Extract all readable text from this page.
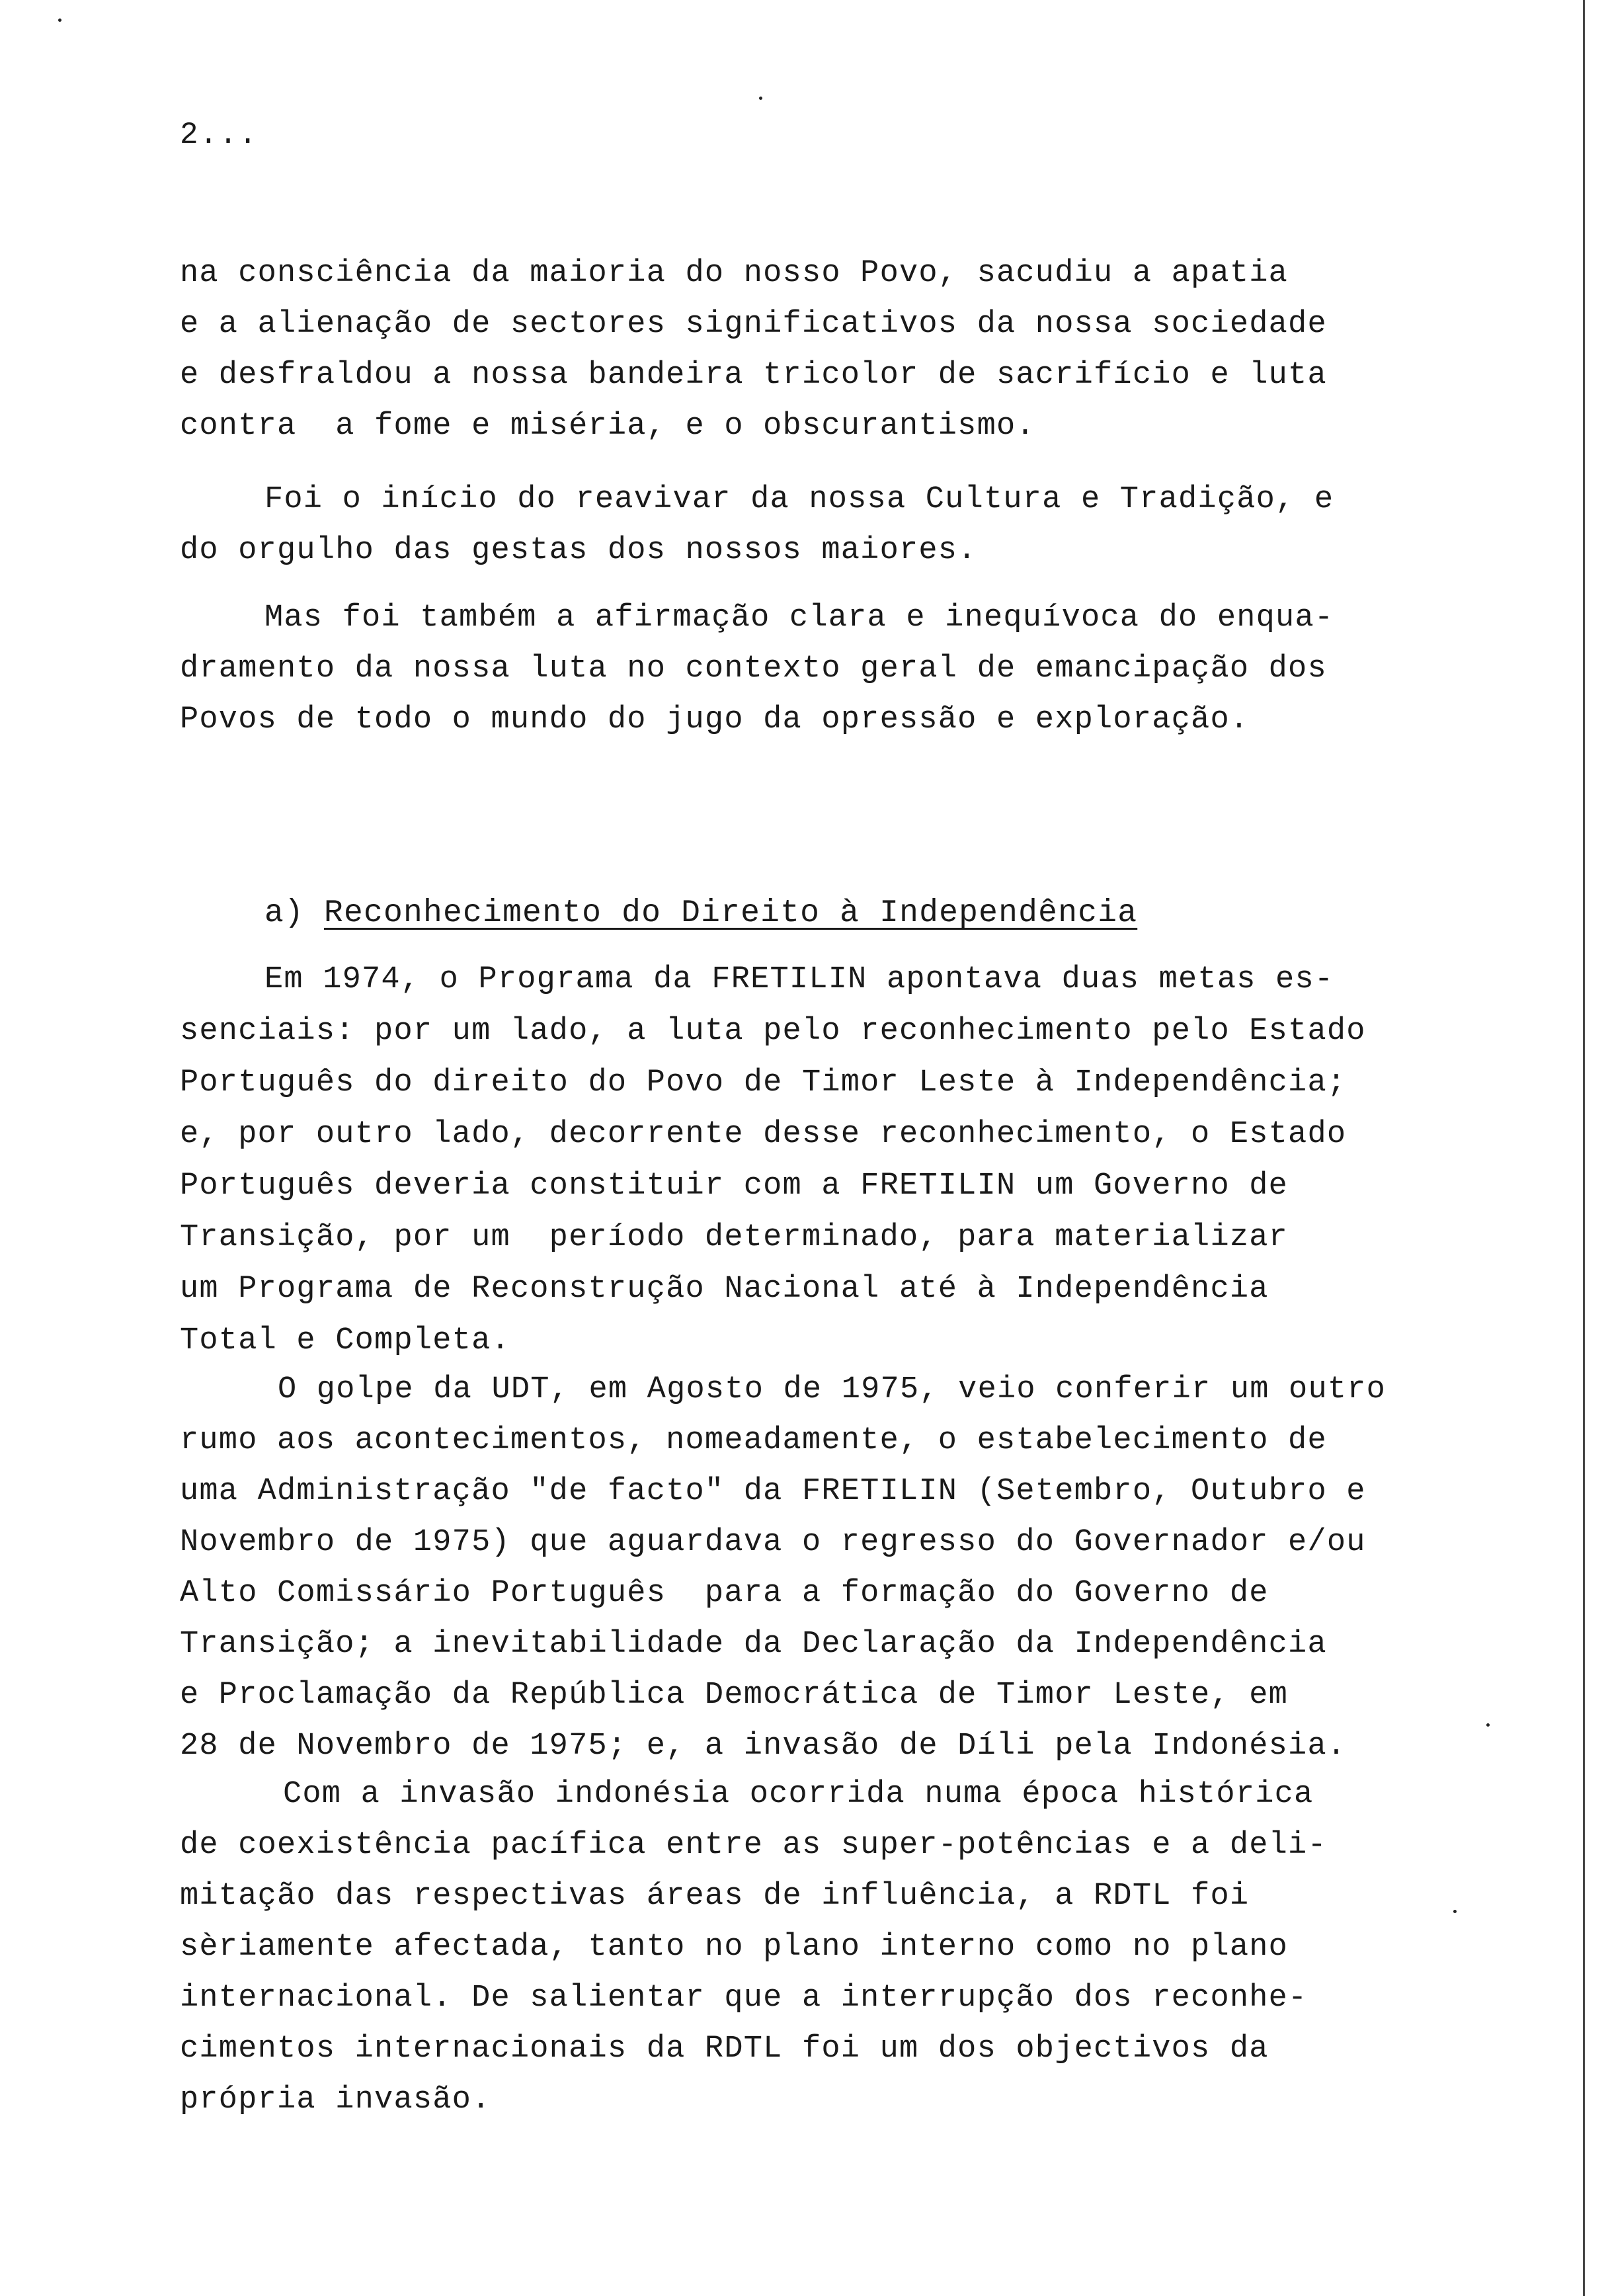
2...
na consciência da maioria do nosso Povo, sacudiu a apatia
e a alienação de sectores significativos da nossa sociedade
e desfraldou a nossa bandeira tricolor de sacrifício e luta
contra  a fome e miséria, e o obscurantismo.
Foi o início do reavivar da nossa Cultura e Tradição, e
do orgulho das gestas dos nossos maiores.
Mas foi também a afirmação clara e inequívoca do enqua-
dramento da nossa luta no contexto geral de emancipação dos
Povos de todo o mundo do jugo da opressão e exploração.
a) Reconhecimento do Direito à Independência
Em 1974, o Programa da FRETILIN apontava duas metas es-
senciais: por um lado, a luta pelo reconhecimento pelo Estado
Português do direito do Povo de Timor Leste à Independência;
e, por outro lado, decorrente desse reconhecimento, o Estado
Português deveria constituir com a FRETILIN um Governo de
Transição, por um  período determinado, para materializar
um Programa de Reconstrução Nacional até à Independência
Total e Completa.
O golpe da UDT, em Agosto de 1975, veio conferir um outro
rumo aos acontecimentos, nomeadamente, o estabelecimento de
uma Administração "de facto" da FRETILIN (Setembro, Outubro e
Novembro de 1975) que aguardava o regresso do Governador e/ou
Alto Comissário Português  para a formação do Governo de
Transição; a inevitabilidade da Declaração da Independência
e Proclamação da República Democrática de Timor Leste, em
28 de Novembro de 1975; e, a invasão de Díli pela Indonésia.
Com a invasão indonésia ocorrida numa época histórica
de coexistência pacífica entre as super-potências e a deli-
mitação das respectivas áreas de influência, a RDTL foi
sèriamente afectada, tanto no plano interno como no plano
internacional. De salientar que a interrupção dos reconhe-
cimentos internacionais da RDTL foi um dos objectivos da
própria invasão.
